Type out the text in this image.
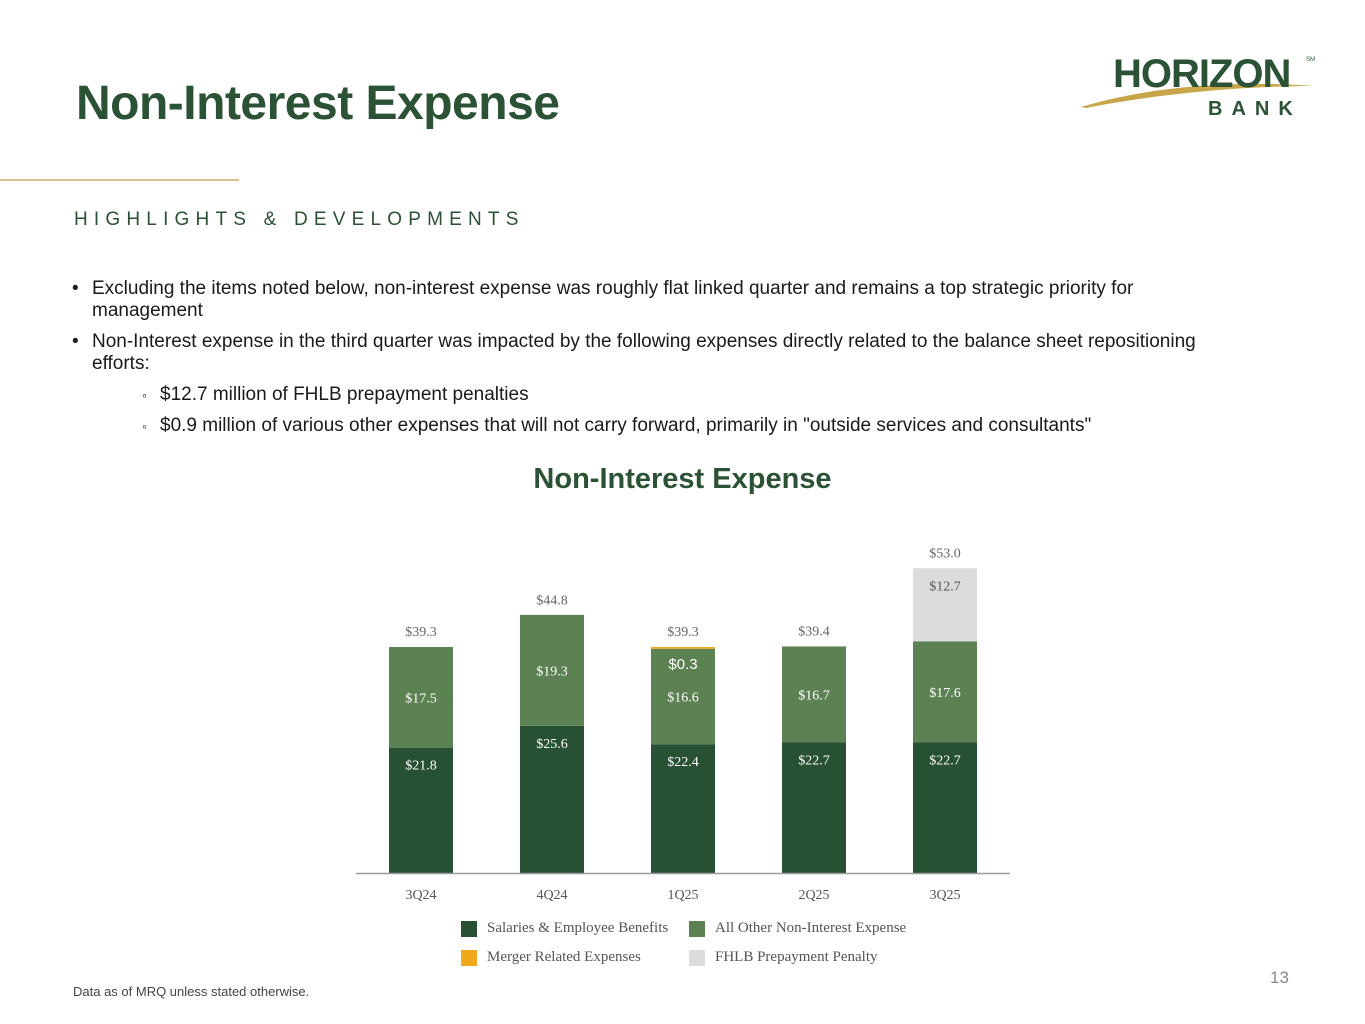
Non-Interest Expense
HORIZON
BANK
SM
HIGHLIGHTS & DEVELOPMENTS
• Excluding the items noted below, non-interest expense was roughly flat linked quarter and remains a top strategic priority for management
• Non-Interest expense in the third quarter was impacted by the following expenses directly related to the balance sheet repositioning efforts:
◦ $12.7 million of FHLB prepayment penalties
◦ $0.9 million of various other expenses that will not carry forward, primarily in "outside services and consultants"
Non-Interest Expense
$21.8
$17.5
$39.3
3Q24
$25.6
$19.3
$44.8
4Q24
$22.4
$16.6
$0.3
$39.3
1Q25
$22.7
$16.7
$39.4
2Q25
$22.7
$17.6
$12.7
$53.0
3Q25
Salaries & Employee Benefits	All Other Non-Interest Expense
Merger Related Expenses	FHLB Prepayment Penalty
Data as of MRQ unless stated otherwise.
13
